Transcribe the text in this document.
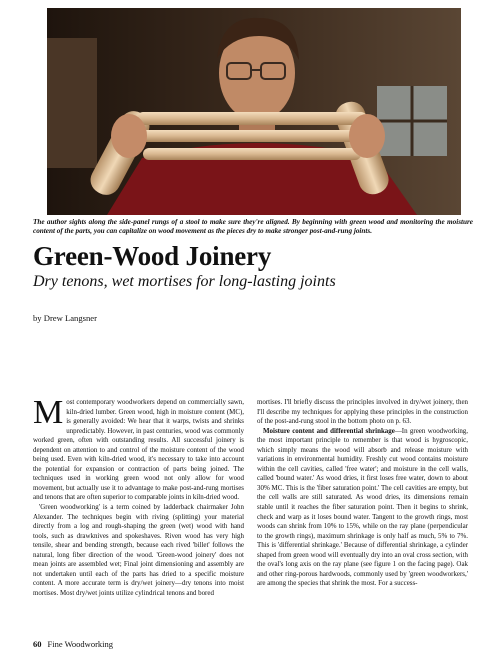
The author sights along the side-panel rungs of a stool to make sure they're aligned. By beginning with green wood and monitoring the moisture content of the parts, you can capitalize on wood movement as the pieces dry to make stronger post-and-rung joints.
Green-Wood Joinery
Dry tenons, wet mortises for long-lasting joints
by Drew Langsner

Most contemporary woodworkers depend on commercially sawn, kiln-dried lumber. Green wood, high in moisture content (MC), is generally avoided: We hear that it warps, twists and shrinks unpredictably. However, in past centuries, wood was commonly worked green, often with outstanding results. All successful joinery is dependent on attention to and control of the moisture content of the wood being used. Even with kiln-dried wood, it's necessary to take into account the potential for expansion or contraction of parts being joined. The techniques used in working green wood not only allow for wood movement, but actually use it to advantage to make post-and-rung mortises and tenons that are often superior to comparable joints in kiln-dried wood.

'Green woodworking' is a term coined by ladderback chairmaker John Alexander. The techniques begin with riving (splitting) your material directly from a log and rough-shaping the green (wet) wood with hand tools, such as drawknives and spokeshaves. Riven wood has very high tensile, shear and bending strength, because each rived 'billet' follows the natural, long fiber direction of the wood. 'Green-wood joinery' does not mean joints are assembled wet; Final joint dimensioning and assembly are not undertaken until each of the parts has dried to a specific moisture content. A more accurate term is dry/wet joinery—dry tenons into moist mortises. Most dry/wet joints utilize cylindrical tenons and bored

mortises. I'll briefly discuss the principles involved in dry/wet joinery, then I'll describe my techniques for applying these principles in the construction of the post-and-rung stool in the bottom photo on p. 63.

Moisture content and differential shrinkage—In green woodworking, the most important principle to remember is that wood is hygroscopic, which simply means the wood will absorb and release moisture with variations in environmental humidity. Freshly cut wood contains moisture within the cell cavities, called 'free water'; and moisture in the cell walls, called 'bound water.' As wood dries, it first loses free water, down to about 30% MC. This is the 'fiber saturation point.' The cell cavities are empty, but the cell walls are still saturated. As wood dries, its dimensions remain stable until it reaches the fiber saturation point. Then it begins to shrink, check and warp as it loses bound water. Tangent to the growth rings, most woods can shrink from 10% to 15%, while on the ray plane (perpendicular to the growth rings), maximum shrinkage is only half as much, 5% to 7%. This is 'differential shrinkage.' Because of differential shrinkage, a cylinder shaped from green wood will eventually dry into an oval cross section, with the oval's long axis on the ray plane (see figure 1 on the facing page). Oak and other ring-porous hardwoods, commonly used by 'green woodworkers,' are among the species that shrink the most. For a success-

60 Fine Woodworking
